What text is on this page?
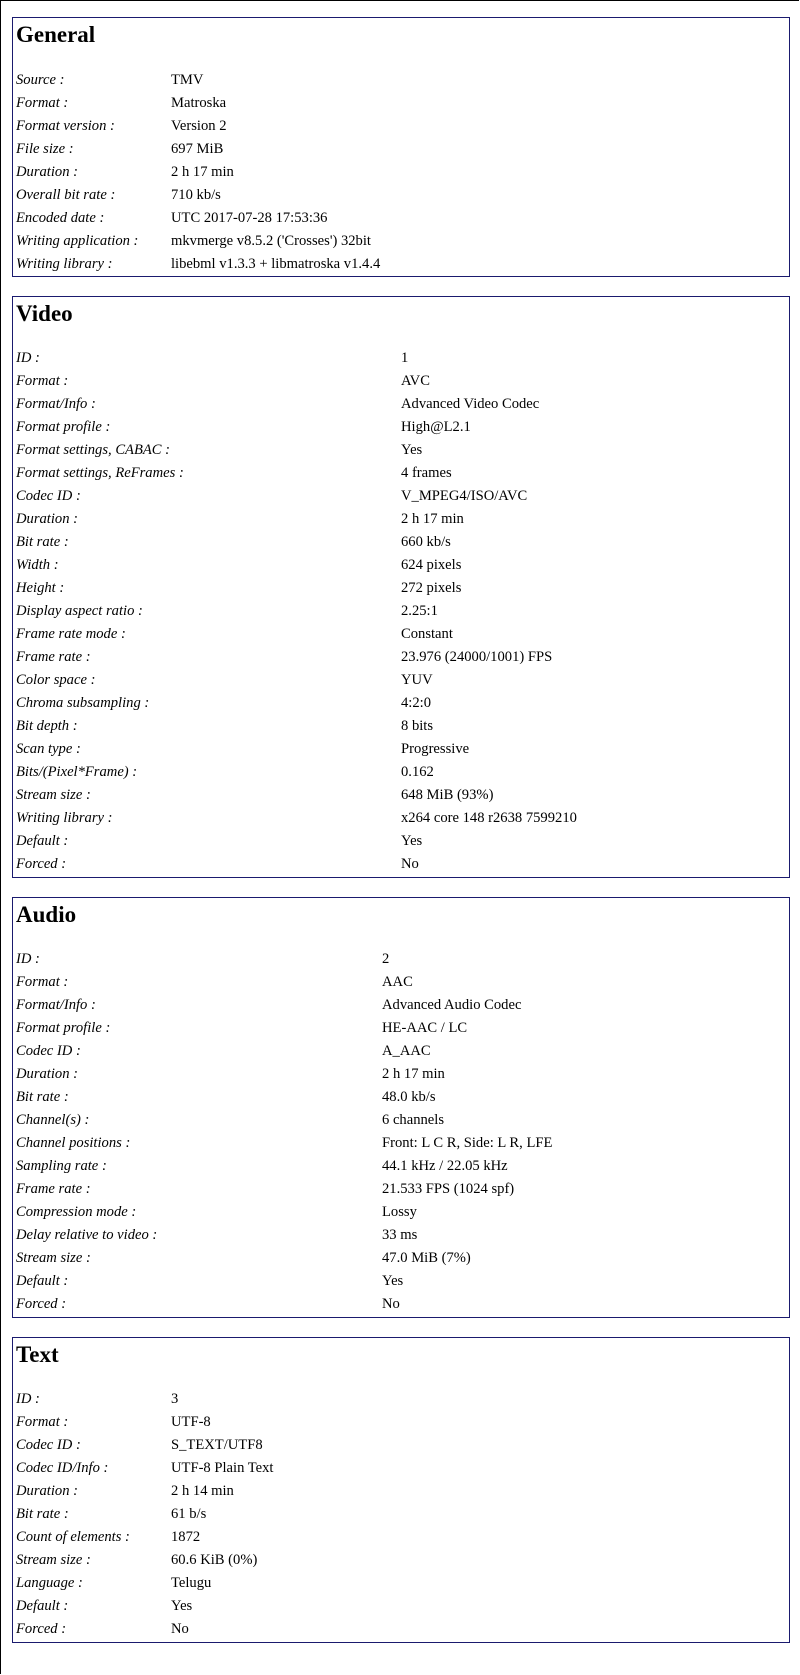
General
Source :	TMV
Format :	Matroska
Format version :	Version 2
File size :	697 MiB
Duration :	2 h 17 min
Overall bit rate :	710 kb/s
Encoded date :	UTC 2017-07-28 17:53:36
Writing application : mkvmerge v8.5.2 ('Crosses') 32bit
Writing library :	libebml v1.3.3 + libmatroska v1.4.4
Video
ID :	1
Format :	AVC
Format/Info :	Advanced Video Codec
Format profile :	High@L2.1
Format settings, CABAC :	Yes
Format settings, ReFrames :	4 frames
Codec ID :	V_MPEG4/ISO/AVC
Duration :	2 h 17 min
Bit rate :	660 kb/s
Width :	624 pixels
Height :	272 pixels
Display aspect ratio :	2.25:1
Frame rate mode :	Constant
Frame rate :	23.976 (24000/1001) FPS
Color space :	YUV
Chroma subsampling :	4:2:0
Bit depth :	8 bits
Scan type :	Progressive
Bits/(Pixel*Frame) :	0.162
Stream size :	648 MiB (93%)
Writing library :	x264 core 148 r2638 7599210
Default :	Yes
Forced :	No
Audio
ID :	2
Format :	AAC
Format/Info :	Advanced Audio Codec
Format profile :	HE-AAC / LC
Codec ID :	A_AAC
Duration :	2 h 17 min
Bit rate :	48.0 kb/s
Channel(s) :	6 channels
Channel positions :	Front: L C R, Side: L R, LFE
Sampling rate :	44.1 kHz / 22.05 kHz
Frame rate :	21.533 FPS (1024 spf)
Compression mode :	Lossy
Delay relative to video :	33 ms
Stream size :	47.0 MiB (7%)
Default :	Yes
Forced :	No
Text
ID :	3
Format :	UTF-8
Codec ID :	S_TEXT/UTF8
Codec ID/Info :	UTF-8 Plain Text
Duration :	2 h 14 min
Bit rate :	61 b/s
Count of elements :	1872
Stream size :	60.6 KiB (0%)
Language :	Telugu
Default :	Yes
Forced :	No
